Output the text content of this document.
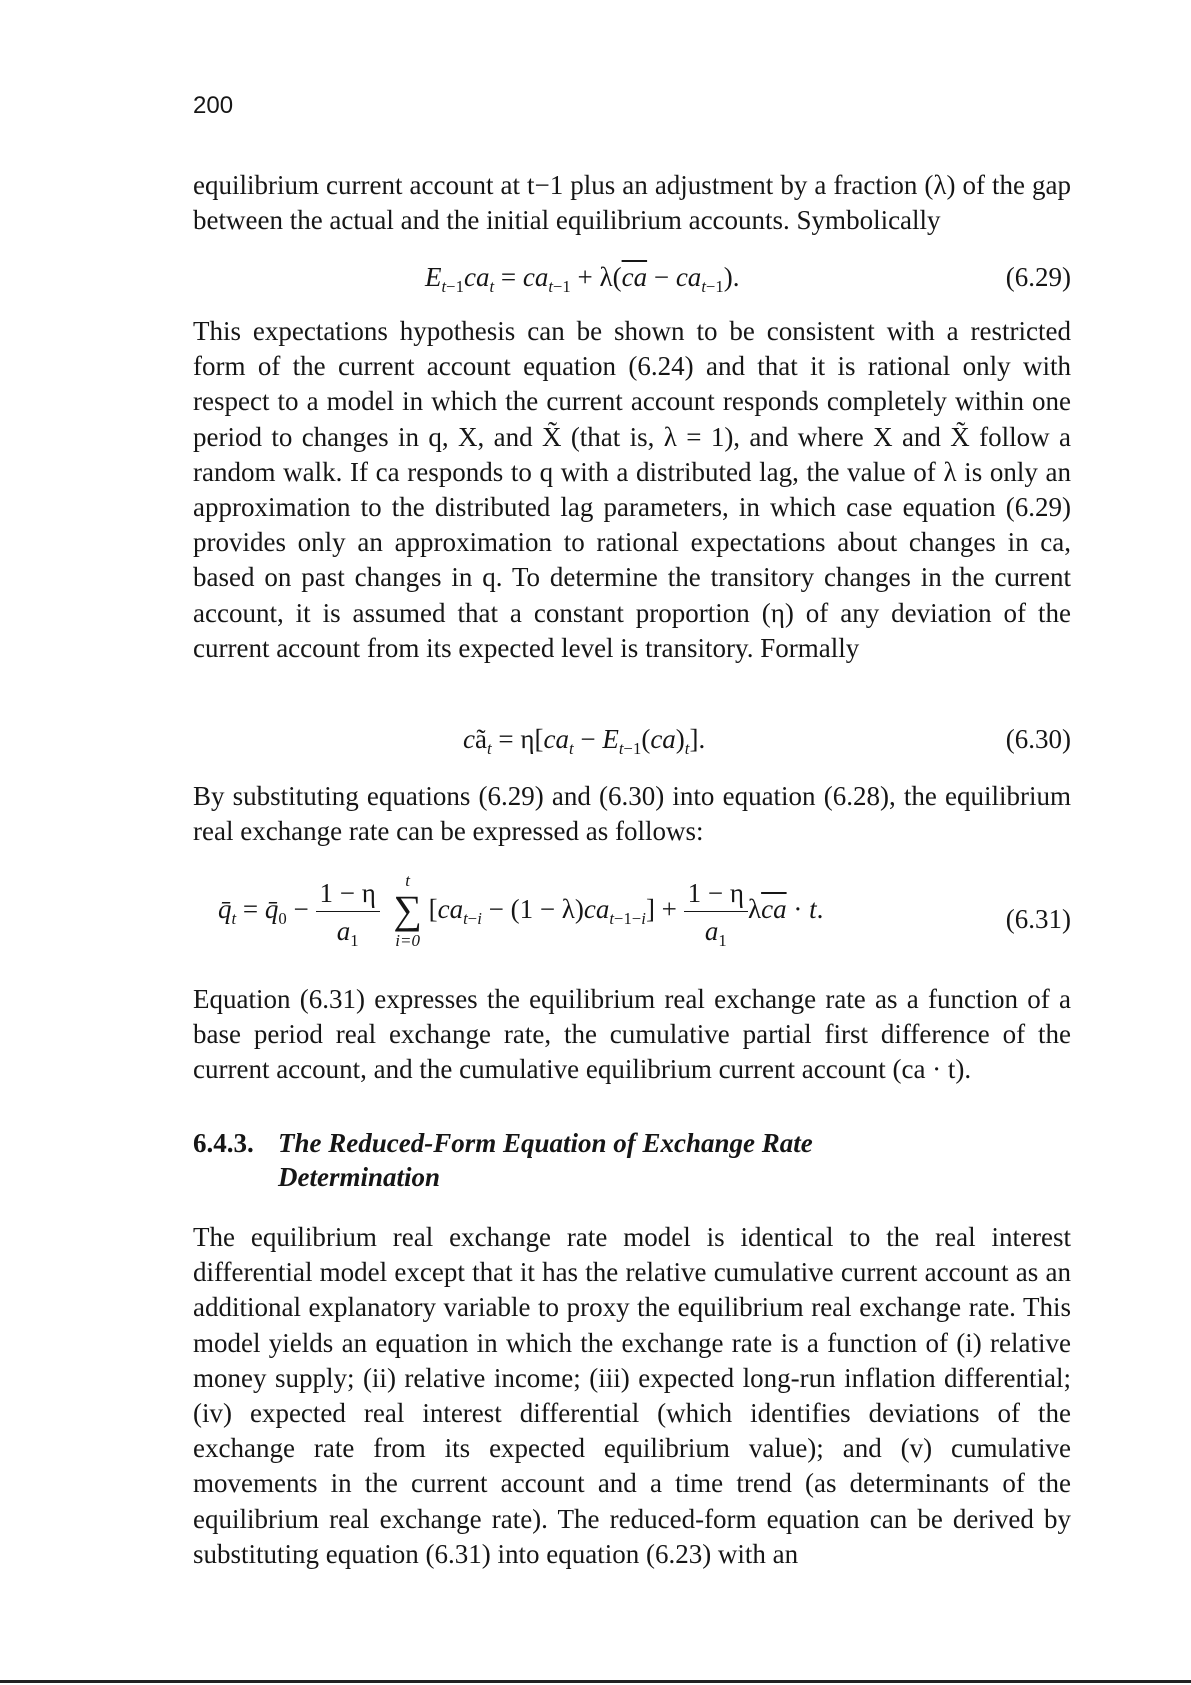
200

equilibrium current account at t−1 plus an adjustment by a fraction (λ) of the gap between the actual and the initial equilibrium accounts. Symbolically

$E_{t-1}ca_t = ca_{t-1} + \lambda(\overline{ca} - ca_{t-1})$.	(6.29)

This expectations hypothesis can be shown to be consistent with a restricted form of the current account equation (6.24) and that it is rational only with respect to a model in which the current account responds completely within one period to changes in q, X, and X̃ (that is, λ = 1), and where X and X̃ follow a random walk. If ca responds to q with a distributed lag, the value of λ is only an approximation to the distributed lag parameters, in which case equation (6.29) provides only an approximation to rational expectations about changes in ca, based on past changes in q. To determine the transitory changes in the current account, it is assumed that a constant proportion (η) of any deviation of the current account from its expected level is transitory. Formally

$cã_t = \eta[ca_t - E_{t-1}(ca)_t]$.	(6.30)

By substituting equations (6.29) and (6.30) into equation (6.28), the equilibrium real exchange rate can be expressed as follows:

$q̄_t$ = $q̄_0 - \frac{1 - \eta}{a_1}$
	t
∑
i=0
$[ca_{t-i} - (1 - \lambda)ca_{t-1-i}] + \frac{1 - \eta}{a_1} \lambda\overline{ca} \cdot t$.	(6.31)

Equation (6.31) expresses the equilibrium real exchange rate as a function of a base period real exchange rate, the cumulative partial first difference of the current account, and the cumulative equilibrium current account (ca · t).

6.4.3. The Reduced-Form Equation of Exchange Rate Determination

The equilibrium real exchange rate model is identical to the real interest differential model except that it has the relative cumulative current account as an additional explanatory variable to proxy the equilibrium real exchange rate. This model yields an equation in which the exchange rate is a function of (i) relative money supply; (ii) relative income; (iii) expected long-run inflation differential; (iv) expected real interest differential (which identifies deviations of the exchange rate from its expected equilibrium value); and (v) cumulative movements in the current account and a time trend (as determinants of the equilibrium real exchange rate). The reduced-form equation can be derived by substituting equation (6.31) into equation (6.23) with an
